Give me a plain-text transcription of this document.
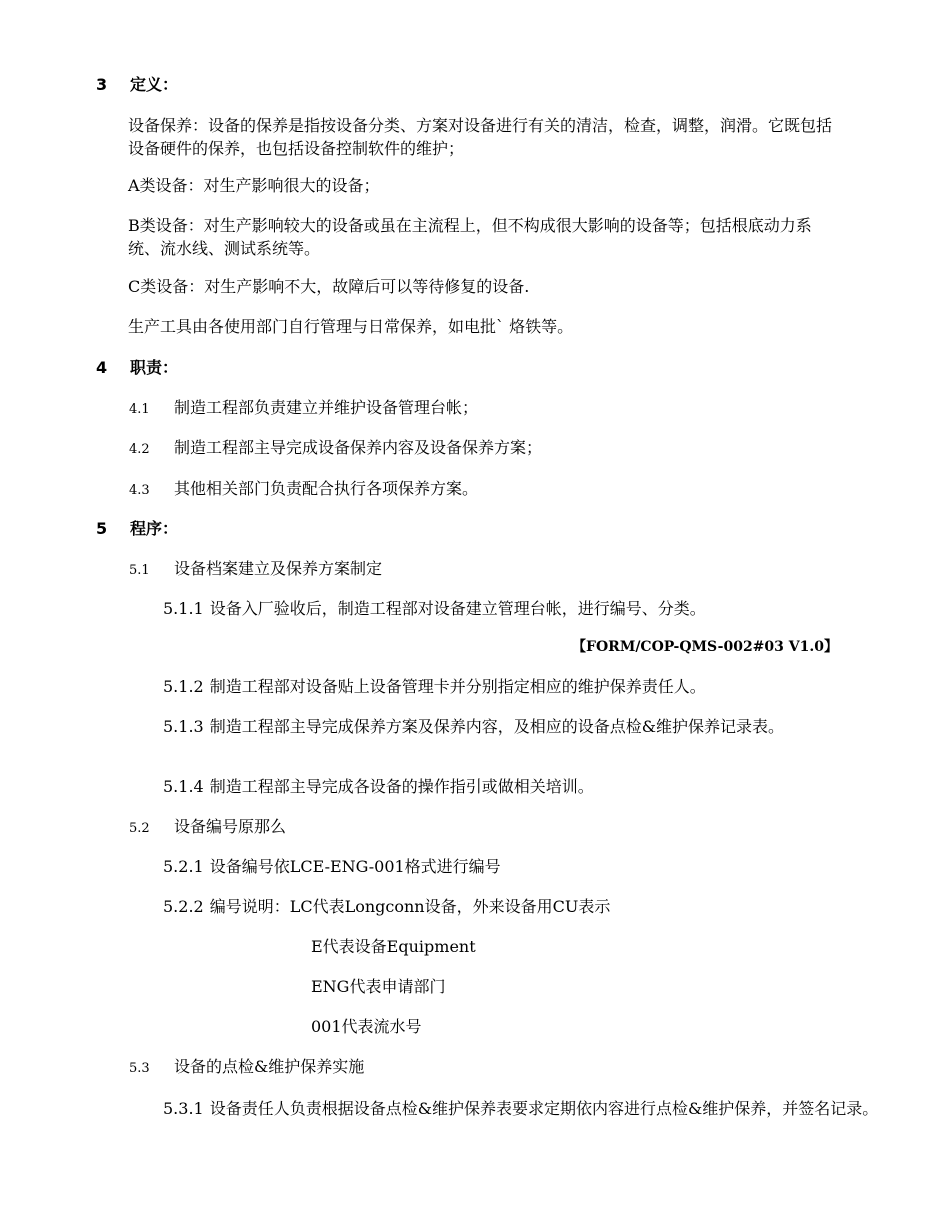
3 定义：
设备保养：设备的保养是指按设备分类、方案对设备进行有关的清洁，检查，调整，润滑。它既包括设备硬件的保养，也包括设备控制软件的维护；
A类设备：对生产影响很大的设备；
B类设备：对生产影响较大的设备或虽在主流程上，但不构成很大影响的设备等；包括根底动力系统、流水线、测试系统等。
C类设备：对生产影响不大，故障后可以等待修复的设备.
生产工具由各使用部门自行管理与日常保养，如电批` 烙铁等。
4 职责：
4.1 制造工程部负责建立并维护设备管理台帐；
4.2 制造工程部主导完成设备保养内容及设备保养方案；
4.3 其他相关部门负责配合执行各项保养方案。
5 程序：
5.1 设备档案建立及保养方案制定
5.1.1 设备入厂验收后，制造工程部对设备建立管理台帐，进行编号、分类。
【FORM/COP-QMS-002#03 V1.0】
5.1.2 制造工程部对设备贴上设备管理卡并分别指定相应的维护保养责任人。
5.1.3 制造工程部主导完成保养方案及保养内容，及相应的设备点检&维护保养记录表。
5.1.4 制造工程部主导完成各设备的操作指引或做相关培训。
5.2 设备编号原那么
5.2.1 设备编号依LCE-ENG-001格式进行编号
5.2.2 编号说明：LC代表Longconn设备，外来设备用CU表示
E代表设备Equipment
ENG代表申请部门
001代表流水号
5.3 设备的点检&维护保养实施
5.3.1 设备责任人负责根据设备点检&维护保养表要求定期依内容进行点检&维护保养，并签名记录。
